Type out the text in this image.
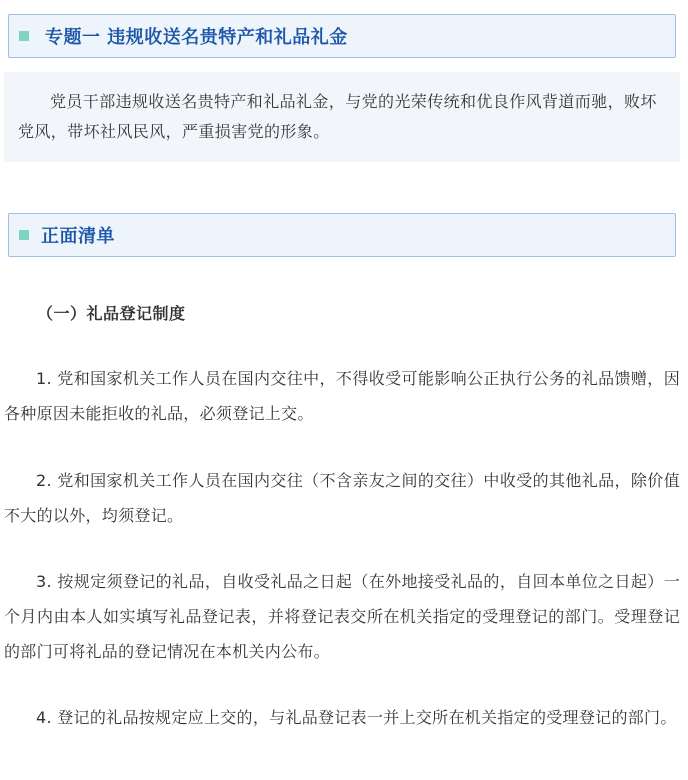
专题一 违规收送名贵特产和礼品礼金

党员干部违规收送名贵特产和礼品礼金，与党的光荣传统和优良作风背道而驰，败坏党风，带坏社风民风，严重损害党的形象。

正面清单

（一）礼品登记制度

1. 党和国家机关工作人员在国内交往中，不得收受可能影响公正执行公务的礼品馈赠，因各种原因未能拒收的礼品，必须登记上交。

2. 党和国家机关工作人员在国内交往（不含亲友之间的交往）中收受的其他礼品，除价值不大的以外，均须登记。

3. 按规定须登记的礼品，自收受礼品之日起（在外地接受礼品的，自回本单位之日起）一个月内由本人如实填写礼品登记表，并将登记表交所在机关指定的受理登记的部门。受理登记的部门可将礼品的登记情况在本机关内公布。

4. 登记的礼品按规定应上交的，与礼品登记表一并上交所在机关指定的受理登记的部门。
